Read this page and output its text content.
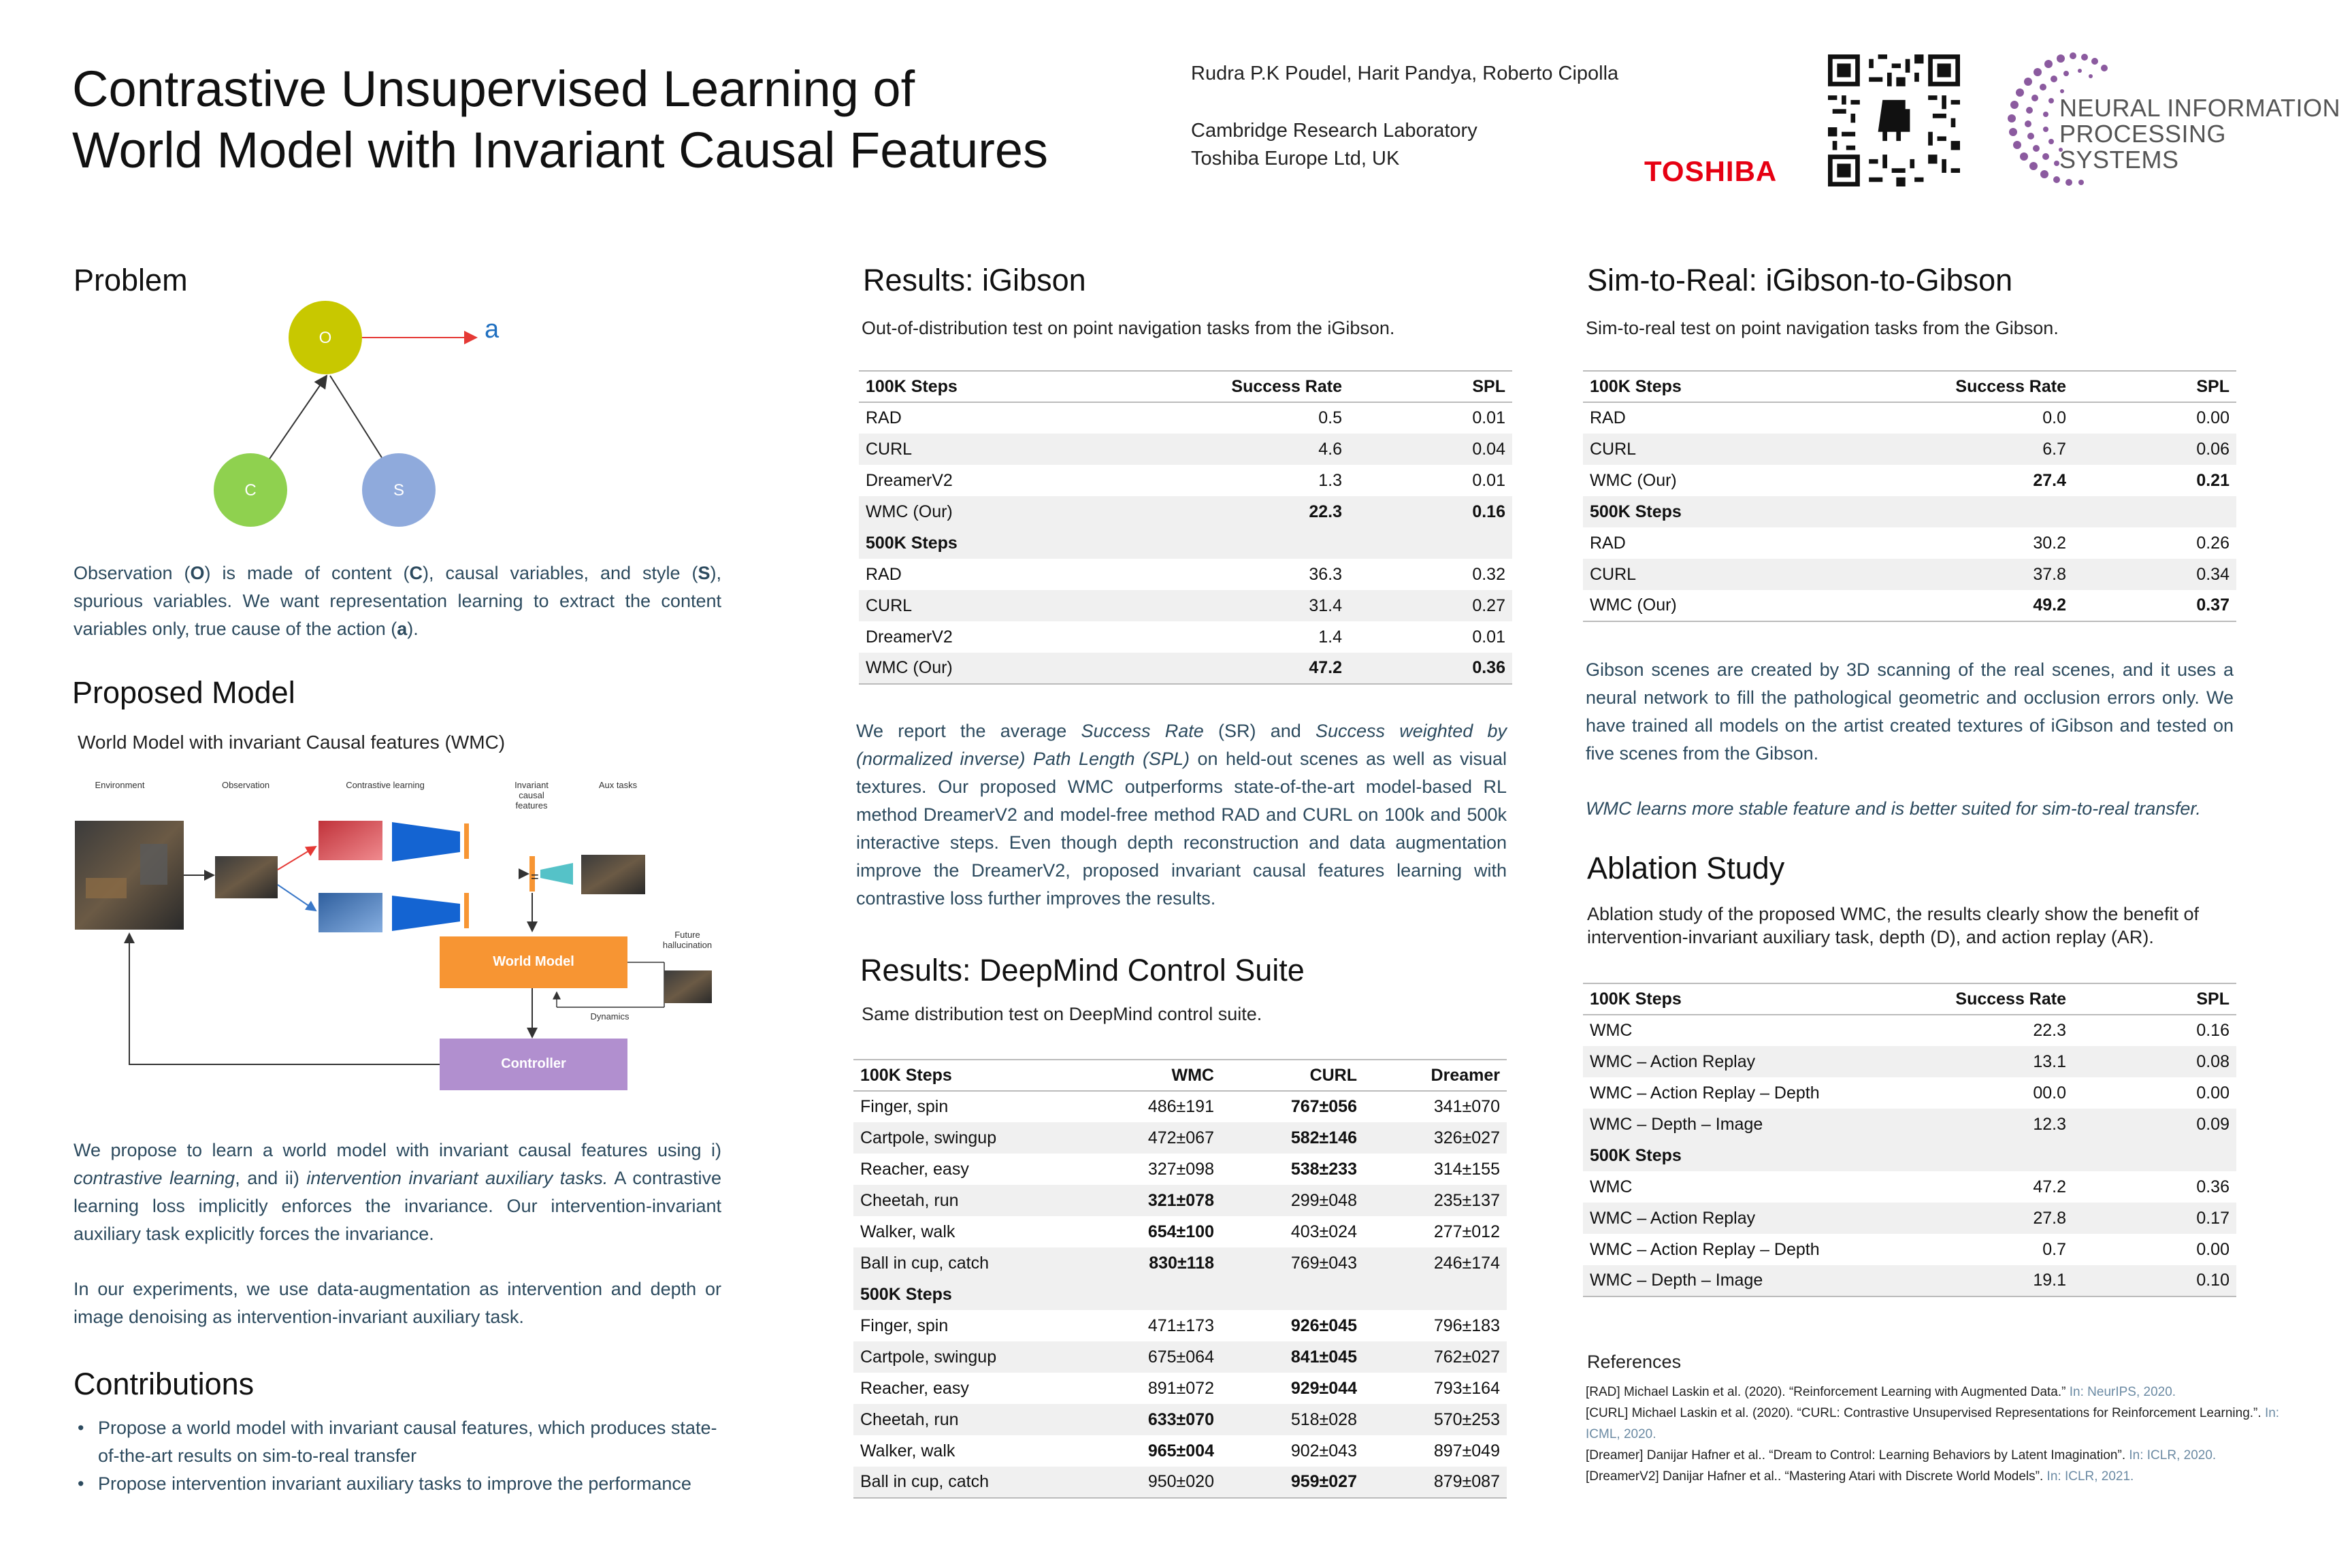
Contrastive Unsupervised Learning of
World Model with Invariant Causal Features
Rudra P.K Poudel, Harit Pandya, Roberto Cipolla
Cambridge Research Laboratory
Toshiba Europe Ltd, UK	TOSHIBA
NEURAL INFORMATION
PROCESSING SYSTEMS
Problem
O
C	S
a
Observation (O) is made of content (C), causal variables, and style (S), spurious variables. We want representation learning to extract the content variables only, true cause of the action (a).
Proposed Model
World Model with invariant Causal features (WMC)
Environment	Observation	Contrastive learning	Invariant causal features
Aux tasks
=
World Model
Future hallucination
Dynamics
Controller
We propose to learn a world model with invariant causal features using i) contrastive learning, and ii) intervention invariant auxiliary tasks. A contrastive learning loss implicitly enforces the invariance. Our intervention-invariant auxiliary task explicitly forces the invariance.
In our experiments, we use data-augmentation as intervention and depth or image denoising as intervention-invariant auxiliary task.
Contributions
• Propose a world model with invariant causal features, which produces state-of-the-art results on sim-to-real transfer
• Propose intervention invariant auxiliary tasks to improve the performance
Results: iGibson
Out-of-distribution test on point navigation tasks from the iGibson.
100K Steps	Success Rate	SPL
RAD	0.5	0.01
CURL	4.6	0.04
DreamerV2	1.3	0.01
WMC (Our)	22.3	0.16
500K Steps		
RAD	36.3	0.32
CURL	31.4	0.27
DreamerV2	1.4	0.01
WMC (Our)	47.2	0.36
We report the average Success Rate (SR) and Success weighted by (normalized inverse) Path Length (SPL) on held-out scenes as well as visual textures. Our proposed WMC outperforms state-of-the-art model-based RL method DreamerV2 and model-free method RAD and CURL on 100k and 500k interactive steps. Even though depth reconstruction and data augmentation improve the DreamerV2, proposed invariant causal features learning with contrastive loss further improves the results.
Results: DeepMind Control Suite
Same distribution test on DeepMind control suite.
100K Steps	WMC	CURL	Dreamer
Finger, spin	486±191	767±056	341±070
Cartpole, swingup	472±067	582±146	326±027
Reacher, easy	327±098	538±233	314±155
Cheetah, run	321±078	299±048	235±137
Walker, walk	654±100	403±024	277±012
Ball in cup, catch	830±118	769±043	246±174
500K Steps			
Finger, spin	471±173	926±045	796±183
Cartpole, swingup	675±064	841±045	762±027
Reacher, easy	891±072	929±044	793±164
Cheetah, run	633±070	518±028	570±253
Walker, walk	965±004	902±043	897±049
Ball in cup, catch	950±020	959±027	879±087
Sim-to-Real: iGibson-to-Gibson
Sim-to-real test on point navigation tasks from the Gibson.
100K Steps	Success Rate	SPL
RAD	0.0	0.00
CURL	6.7	0.06
WMC (Our)	27.4	0.21
500K Steps		
RAD	30.2	0.26
CURL	37.8	0.34
WMC (Our)	49.2	0.37
Gibson scenes are created by 3D scanning of the real scenes, and it uses a neural network to fill the pathological geometric and occlusion errors only. We have trained all models on the artist created textures of iGibson and tested on five scenes from the Gibson.
WMC learns more stable feature and is better suited for sim-to-real transfer.
Ablation Study
Ablation study of the proposed WMC, the results clearly show the benefit of intervention-invariant auxiliary task, depth (D), and action replay (AR).
100K Steps	Success Rate	SPL
WMC	22.3	0.16
WMC – Action Replay	13.1	0.08
WMC – Action Replay – Depth	00.0	0.00
WMC – Depth – Image	12.3	0.09
500K Steps		
WMC	47.2	0.36
WMC – Action Replay	27.8	0.17
WMC – Action Replay – Depth	0.7	0.00
WMC – Depth – Image	19.1	0.10
References
[RAD] Michael Laskin et al. (2020). “Reinforcement Learning with Augmented Data.” In: NeurIPS, 2020.
[CURL] Michael Laskin et al. (2020). “CURL: Contrastive Unsupervised Representations for Reinforcement Learning.”. In: ICML, 2020.
[Dreamer] Danijar Hafner et al.. “Dream to Control: Learning Behaviors by Latent Imagination”. In: ICLR, 2020.
[DreamerV2] Danijar Hafner et al.. “Mastering Atari with Discrete World Models”. In: ICLR, 2021.
